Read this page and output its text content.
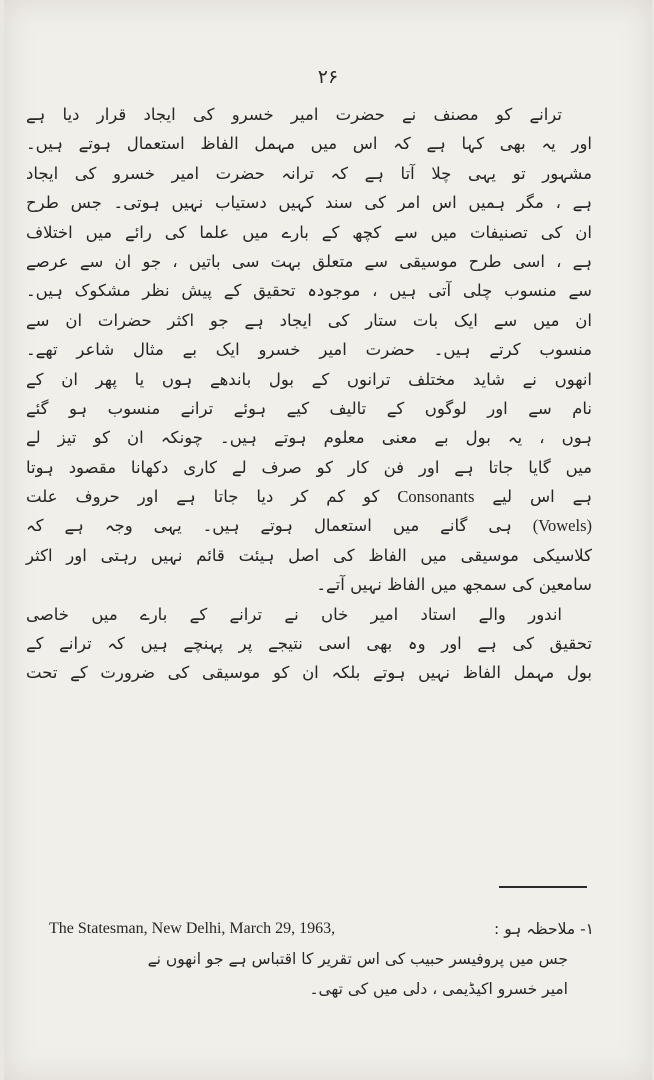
۲۶
ترانے کو مصنف نے حضرت امیر خسرو کی ایجاد قرار دیا ہے
اور یہ بھی کہا ہے کہ اس میں مہمل الفاظ استعمال ہوتے ہیں۔
مشہور تو یہی چلا آتا ہے کہ ترانہ حضرت امیر خسرو کی ایجاد
ہے ، مگر ہمیں اس امر کی سند کہیں دستیاب نہیں ہوتی۔ جس طرح
ان کی تصنیفات میں سے کچھ کے بارے میں علما کی رائے میں اختلاف
ہے ، اسی طرح موسیقی سے متعلق بہت سی باتیں ، جو ان سے عرصے
سے منسوب چلی آتی ہیں ، موجودہ تحقیق کے پیش نظر مشکوک ہیں۔
ان میں سے ایک بات ستار کی ایجاد ہے جو اکثر حضرات ان سے
منسوب کرتے ہیں۔ حضرت امیر خسرو ایک بے مثال شاعر تھے۔
انھوں نے شاید مختلف ترانوں کے بول باندھے ہوں یا پھر ان کے
نام سے اور لوگوں کے تالیف کیے ہوئے ترانے منسوب ہو گئے
ہوں ، یہ بول بے معنی معلوم ہوتے ہیں۔ چونکہ ان کو تیز لے
میں گایا جاتا ہے اور فن کار کو صرف لے کاری دکھانا مقصود ہوتا
ہے اس لیے Consonants کو کم کر دیا جاتا ہے اور حروف علت
(Vowels) ہی گانے میں استعمال ہوتے ہیں۔ یہی وجہ ہے کہ
کلاسیکی موسیقی میں الفاظ کی اصل ہیئت قائم نہیں رہتی اور اکثر
سامعین کی سمجھ میں الفاظ نہیں آتے۔
اندور والے استاد امیر خاں نے ترانے کے بارے میں خاصی
تحقیق کی ہے اور وہ بھی اسی نتیجے پر پہنچے ہیں کہ ترانے کے
بول مہمل الفاظ نہیں ہوتے بلکہ ان کو موسیقی کی ضرورت کے تحت
۱- ملاحظہ ہو :
The Statesman, New Delhi, March 29, 1963,
جس میں پروفیسر حبیب کی اس تقریر کا اقتباس ہے جو انھوں نے
امیر خسرو اکیڈیمی ، دلی میں کی تھی۔
